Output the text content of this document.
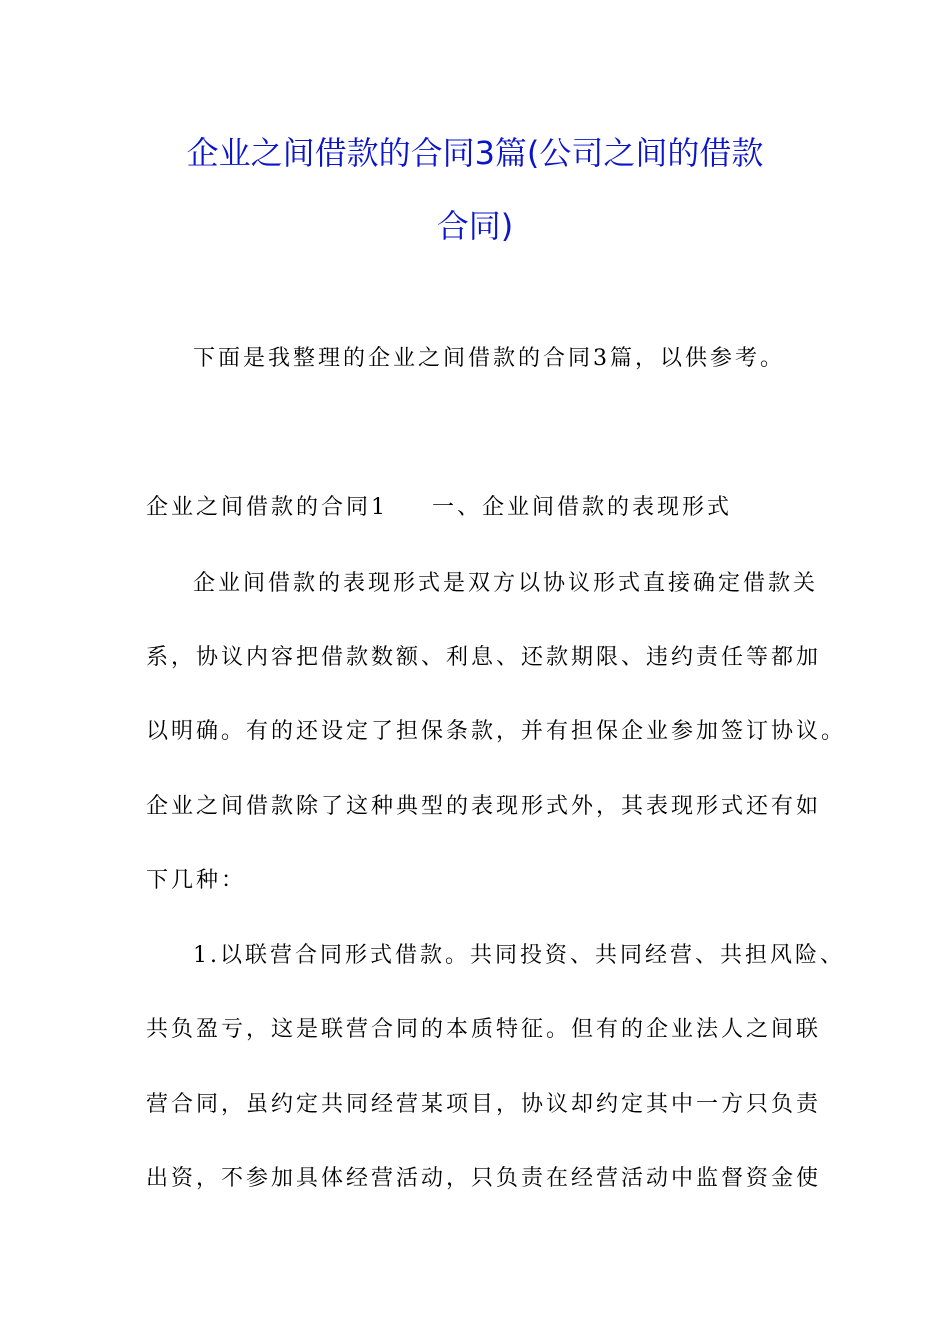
企业之间借款的合同3篇(公司之间的借款
合同)
下面是我整理的企业之间借款的合同3篇，以供参考。
企业之间借款的合同1 一、企业间借款的表现形式
企业间借款的表现形式是双方以协议形式直接确定借款关
系，协议内容把借款数额、利息、还款期限、违约责任等都加
以明确。有的还设定了担保条款，并有担保企业参加签订协议。
企业之间借款除了这种典型的表现形式外，其表现形式还有如
下几种：
1.以联营合同形式借款。共同投资、共同经营、共担风险、
共负盈亏，这是联营合同的本质特征。但有的企业法人之间联
营合同，虽约定共同经营某项目，协议却约定其中一方只负责
出资，不参加具体经营活动，只负责在经营活动中监督资金使
